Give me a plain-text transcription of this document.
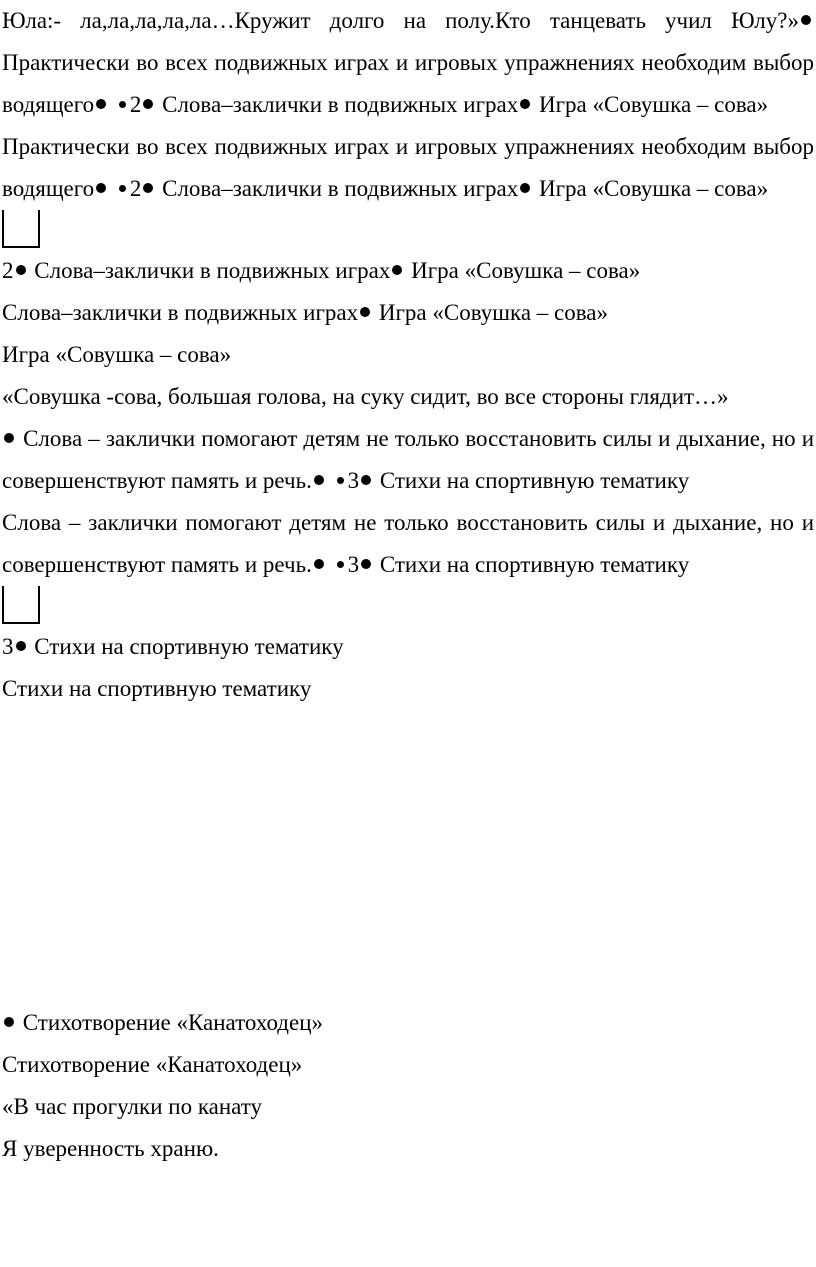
Юла:- ла,ла,ла,ла,ла…Кружит долго на полу.Кто танцевать учил Юлу?» Практически во всех подвижных играх и игровых упражнениях необходим выбор водящего 2 Слова–заклички в подвижных играх Игра «Совушка – сова»

Практически во всех подвижных играх и игровых упражнениях необходим выбор водящего 2 Слова–заклички в подвижных играх Игра «Совушка – сова»

2 Слова–заклички в подвижных играх Игра «Совушка – сова»

Слова–заклички в подвижных играх Игра «Совушка – сова»

Игра «Совушка – сова»

«Совушка -сова, большая голова, на суку сидит, во все стороны глядит…»

Слова – заклички помогают детям не только восстановить силы и дыхание, но и совершенствуют память и речь. 3 Стихи на спортивную тематику

Слова – заклички помогают детям не только восстановить силы и дыхание, но и совершенствуют память и речь. 3 Стихи на спортивную тематику

3 Стихи на спортивную тематику

Стихи на спортивную тематику

Стихотворение «Канатоходец»

Стихотворение «Канатоходец»

«В час прогулки по канату

Я уверенность храню.
